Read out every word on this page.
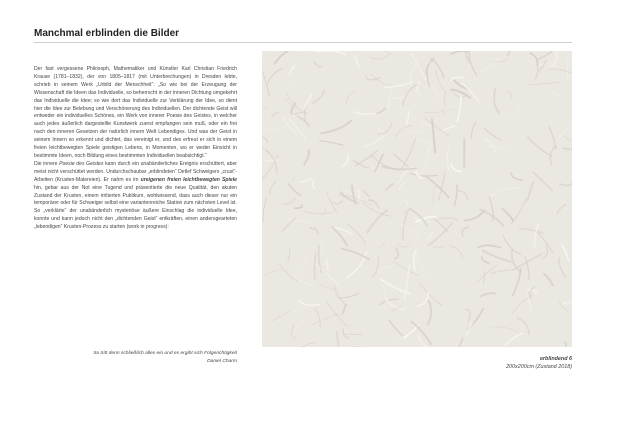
Manchmal erblinden die Bilder

Der fast vergessene Philosoph, Mathematiker und Künstler Karl Christian Friedrich Krause (1781–1832), der von 1805–1817 (mit Unterbrechungen) in Dresden lebte, schrieb in seinem Werk „Urbild der Menschheit“: „So wie bei der Erzeugung der Wissenschaft die Ideen das Individuelle, so beherrscht in der inneren Dichtung umgekehrt das Individuelle die Idee; so wie dort das Individuelle zur Verklärung der Idee, so dient hier die Idee zur Belebung und Verschönerung des Individuellen. Der dichtende Geist will entweder ein individuelles Schönes, ein Werk von innerer Poesie des Geistes, in welcher auch jedes äußerlich dargestellte Kunstwerk zuerst empfangen sein muß, oder ein frei nach den inneren Gesetzen der natürlich innern Welt Lebendiges. Und was der Geist in seinem Innern so erkennt und dichtet, das vereinigt er, und des erfreut er sich in einem freien leichtbewegten Spiele geistigen Lebens, in Momenten, wo er weder Einsicht in bestimmte Ideen, noch Bildung eines bestimmten Individuellen beabsichtigt.“

Die innere Poesie des Geistes kann durch ein unabänderliches Ereignis erschüttert, aber meist nicht verschüttet werden. Undurchschaubar „erblindeten“ Detlef Schweigers „crust“- Arbeiten (Krusten-Malereien). Er nahm es im ureigenen freien leichtbewegten Spiele hin, gebar aus der Not eine Tugend und präsentierte die neue Qualität, den akuten Zustand der Krusten, einem irritierten Publikum, wohlwissend, dass auch dieser nur ein temporärer oder für Schweiger selbst eine variantenreiche Station zum nächsten Level ist. So „verklärte“ der unabänderlich mysteriöse äußere Einschlag die individuelle Idee, konnte und kann jedoch nicht den „dichtenden Geist“ entkräften, einen andersgearteten „lebendigen“ Krusten-Prozess zu starten (work in progress):

So tritt denn schließlich alles ein und es ergibt sich Folgerichtigkeit
Daniel Charm	erblindend 6
200x200cm (Zustand 2018)
